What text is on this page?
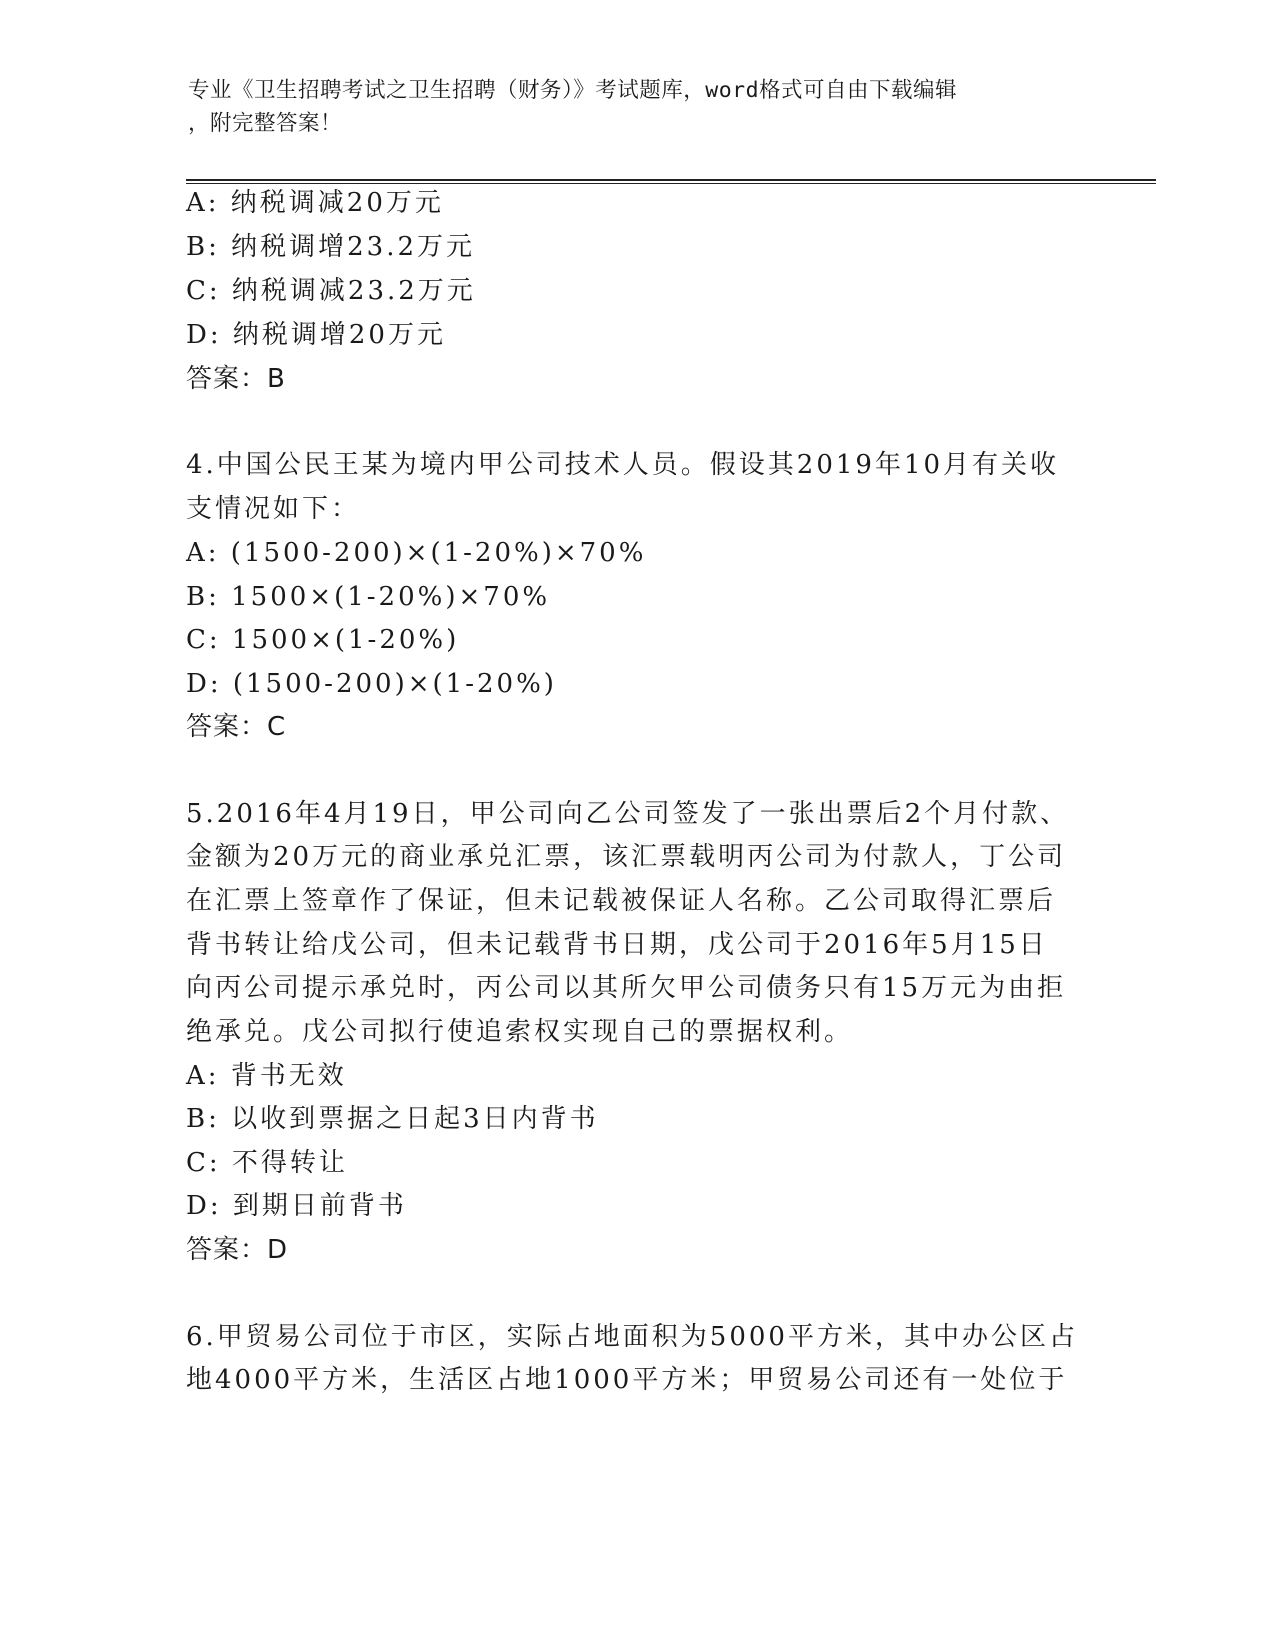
专业《卫生招聘考试之卫生招聘（财务）》考试题库，word格式可自由下载编辑
，附完整答案！
A: 纳税调减20万元
B: 纳税调增23.2万元
C: 纳税调减23.2万元
D: 纳税调增20万元
答案：B
4.中国公民王某为境内甲公司技术人员。假设其2019年10月有关收
支情况如下：
A: (1500-200)×(1-20%)×70%
B: 1500×(1-20%)×70%
C: 1500×(1-20%)
D: (1500-200)×(1-20%)
答案：C
5.2016年4月19日，甲公司向乙公司签发了一张出票后2个月付款、
金额为20万元的商业承兑汇票，该汇票载明丙公司为付款人，丁公司
在汇票上签章作了保证，但未记载被保证人名称。乙公司取得汇票后
背书转让给戊公司，但未记载背书日期，戊公司于2016年5月15日
向丙公司提示承兑时，丙公司以其所欠甲公司债务只有15万元为由拒
绝承兑。戊公司拟行使追索权实现自己的票据权利。
A: 背书无效
B: 以收到票据之日起3日内背书
C: 不得转让
D: 到期日前背书
答案：D
6.甲贸易公司位于市区，实际占地面积为5000平方米，其中办公区占
地4000平方米，生活区占地1000平方米；甲贸易公司还有一处位于
